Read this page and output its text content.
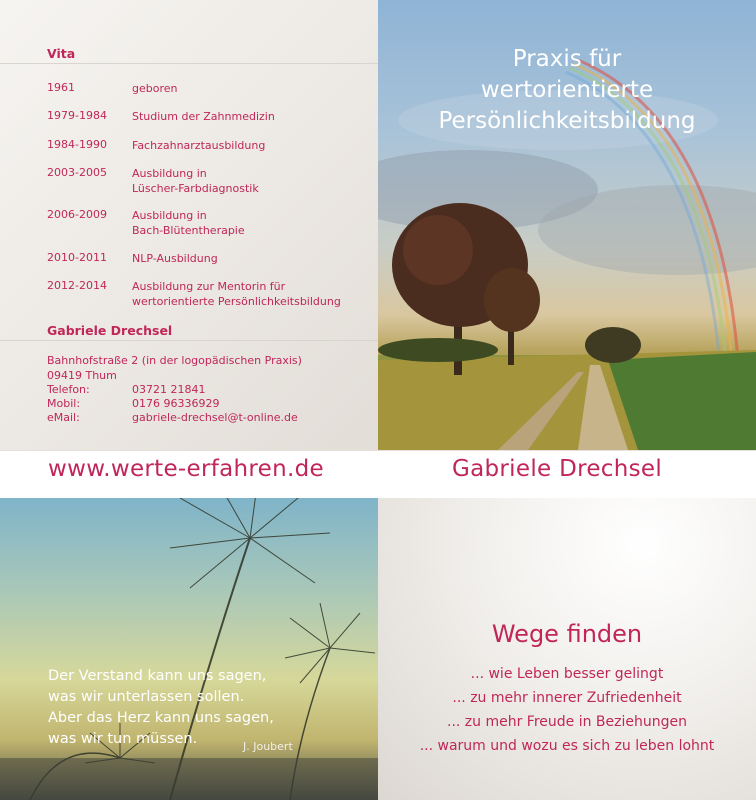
Vita
1961	geboren
1979-1984 Studium der Zahnmedizin
1984-1990 Fachzahnarztausbildung
2003-2005 Ausbildung in
Lüscher-Farbdiagnostik
2006-2009 Ausbildung in
Bach-Blütentherapie
2010-2011 NLP-Ausbildung
2012-2014 Ausbildung zur Mentorin für
wertorientierte Persönlichkeitsbildung
Gabriele Drechsel
Bahnhofstraße 2 (in der logopädischen Praxis)
09419 Thum
Telefon:	03721 21841
Mobil:	0176 96336929
eMail:	gabriele-drechsel@t-online.de
Praxis für
wertorientierte
Persönlichkeitsbildung
www.werte-erfahren.de	Gabriele Drechsel
Der Verstand kann uns sagen,
was wir unterlassen sollen.
Aber das Herz kann uns sagen,
was wir tun müssen.	J. Joubert
Wege finden
... wie Leben besser gelingt
... zu mehr innerer Zufriedenheit
... zu mehr Freude in Beziehungen
... warum und wozu es sich zu leben lohnt
